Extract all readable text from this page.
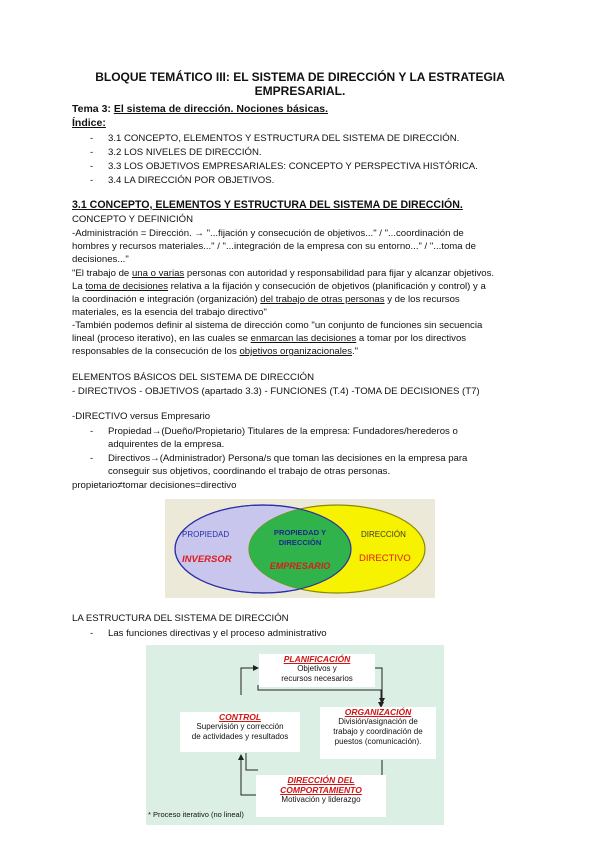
BLOQUE TEMÁTICO III: EL SISTEMA DE DIRECCIÓN Y LA ESTRATEGIA
EMPRESARIAL.
Tema 3: El sistema de dirección. Nociones básicas.
Índice:
- 3.1 CONCEPTO, ELEMENTOS Y ESTRUCTURA DEL SISTEMA DE DIRECCIÓN.
- 3.2 LOS NIVELES DE DIRECCIÓN.
- 3.3 LOS OBJETIVOS EMPRESARIALES: CONCEPTO Y PERSPECTIVA HISTÓRICA.
- 3.4 LA DIRECCIÓN POR OBJETIVOS.
3.1 CONCEPTO, ELEMENTOS Y ESTRUCTURA DEL SISTEMA DE DIRECCIÓN.
CONCEPTO Y DEFINICIÓN
-Administración = Dirección. → "...fijación y consecución de objetivos..." / "...coordinación de
hombres y recursos materiales..." / "...integración de la empresa con su entorno..." / "...toma de
decisiones..."
"El trabajo de una o varias personas con autoridad y responsabilidad para fijar y alcanzar objetivos.
La toma de decisiones relativa a la fijación y consecución de objetivos (planificación y control) y a
la coordinación e integración (organización) del trabajo de otras personas y de los recursos
materiales, es la esencia del trabajo directivo"
-También podemos definir al sistema de dirección como "un conjunto de funciones sin secuencia
lineal (proceso iterativo), en las cuales se enmarcan las decisiones a tomar por los directivos
responsables de la consecución de los objetivos organizacionales."
ELEMENTOS BÁSICOS DEL SISTEMA DE DIRECCIÓN
- DIRECTIVOS - OBJETIVOS (apartado 3.3) - FUNCIONES (T.4) -TOMA DE DECISIONES (T7)
-DIRECTIVO versus Empresario
- Propiedad→(Dueño/Propietario) Titulares de la empresa: Fundadores/herederos o
adquirentes de la empresa.
- Directivos→(Administrador) Persona/s que toman las decisiones en la empresa para
conseguir sus objetivos, coordinando el trabajo de otras personas.
propietario≠tomar decisiones=directivo
PROPIEDAD
INVERSOR
PROPIEDAD Y
DIRECCIÓN
EMPRESARIO
DIRECCIÓN
DIRECTIVO
LA ESTRUCTURA DEL SISTEMA DE DIRECCIÓN
- Las funciones directivas y el proceso administrativo
PLANIFICACIÓN
Objetivos y
recursos necesarios
ORGANIZACIÓN
División/asignación de
trabajo y coordinación de
puestos (comunicación).
CONTROL
Supervisión y corrección
de actividades y resultados
DIRECCIÓN DEL
COMPORTAMIENTO
Motivación y liderazgo
* Proceso iterativo (no lineal)
